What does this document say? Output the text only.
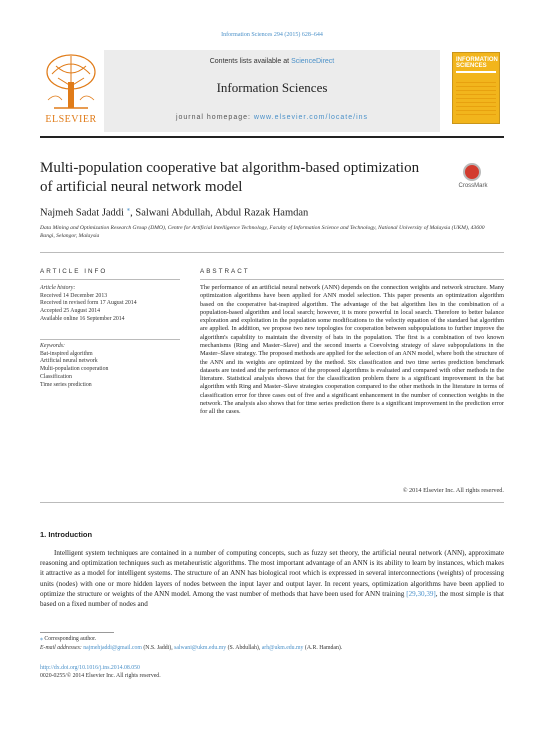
Information Sciences 294 (2015) 628–644
ELSEVIER
Contents lists available at ScienceDirect
Information Sciences
journal homepage: www.elsevier.com/locate/ins
INFORMATION SCIENCES
Multi-population cooperative bat algorithm-based optimization of artificial neural network model	CrossMark
Najmeh Sadat Jaddi ⁎, Salwani Abdullah, Abdul Razak Hamdan
Data Mining and Optimization Research Group (DMO), Centre for Artificial Intelligence Technology, Faculty of Information Science and Technology, National University of Malaysia (UKM), 43600 Bangi, Selangor, Malaysia
ARTICLE INFO
Article history:
Received 14 December 2013
Received in revised form 17 August 2014
Accepted 25 August 2014
Available online 16 September 2014
Keywords:
Bat-inspired algorithm
Artificial neural network
Multi-population cooperation
Classification
Time series prediction
ABSTRACT
The performance of an artificial neural network (ANN) depends on the connection weights and network structure. Many optimization algorithms have been applied for ANN model selection. This paper presents an optimization algorithm based on the cooperative bat-inspired algorithm. The advantage of the bat algorithm lies in the combination of a population-based algorithm and local search; however, it is more powerful in local search. Therefore to better balance exploration and exploitation in the population some modifications to the velocity equation of the standard bat algorithm are applied. In addition, we propose two new topologies for cooperation between subpopulations to further improve the algorithm's capability to maintain the diversity of bats in the population. The first is a combination of two known mechanisms (Ring and Master–Slave) and the second inserts a Coevolving strategy of slave subpopulations in the Master–Slave strategy. The proposed methods are applied for the selection of an ANN model, where both the structure of the ANN and its weights are optimized by the method. Six classification and two time series prediction benchmark datasets are tested and the performance of the proposed algorithms is evaluated and compared with other methods in the literature. Statistical analysis shows that for the classification problem there is a significant improvement in the bat algorithm with Ring and Master–Slave strategies cooperation compared to the other methods in the literature in terms of classification error for three cases out of five and a significant enhancement in the number of connection weights in the network. The analysis also shows that for time series prediction there is a significant improvement in the prediction error for all the cases.
© 2014 Elsevier Inc. All rights reserved.
1. Introduction
Intelligent system techniques are contained in a number of computing concepts, such as fuzzy set theory, the artificial neural network (ANN), approximate reasoning and optimization techniques such as metaheuristic algorithms. The most important advantage of an ANN is its ability to learn by instances, which makes it attractive as a model for intelligent systems. The structure of an ANN has biological root which is expressed in several interconnections (weights) of processing units (nodes) with one or more hidden layers of nodes between the input layer and output layer. In recent years, optimization algorithms have been applied to optimize the structure or weights of the ANN model. Among the vast number of methods that have been used for ANN training [29,30,39], the most simple is that based on a fixed number of nodes and
⁎ Corresponding author.
E-mail addresses: najmehjaddi@gmail.com (N.S. Jaddi), salwani@ukm.edu.my (S. Abdullah), arh@ukm.edu.my (A.R. Hamdan).
http://dx.doi.org/10.1016/j.ins.2014.08.050
0020-0255/© 2014 Elsevier Inc. All rights reserved.
